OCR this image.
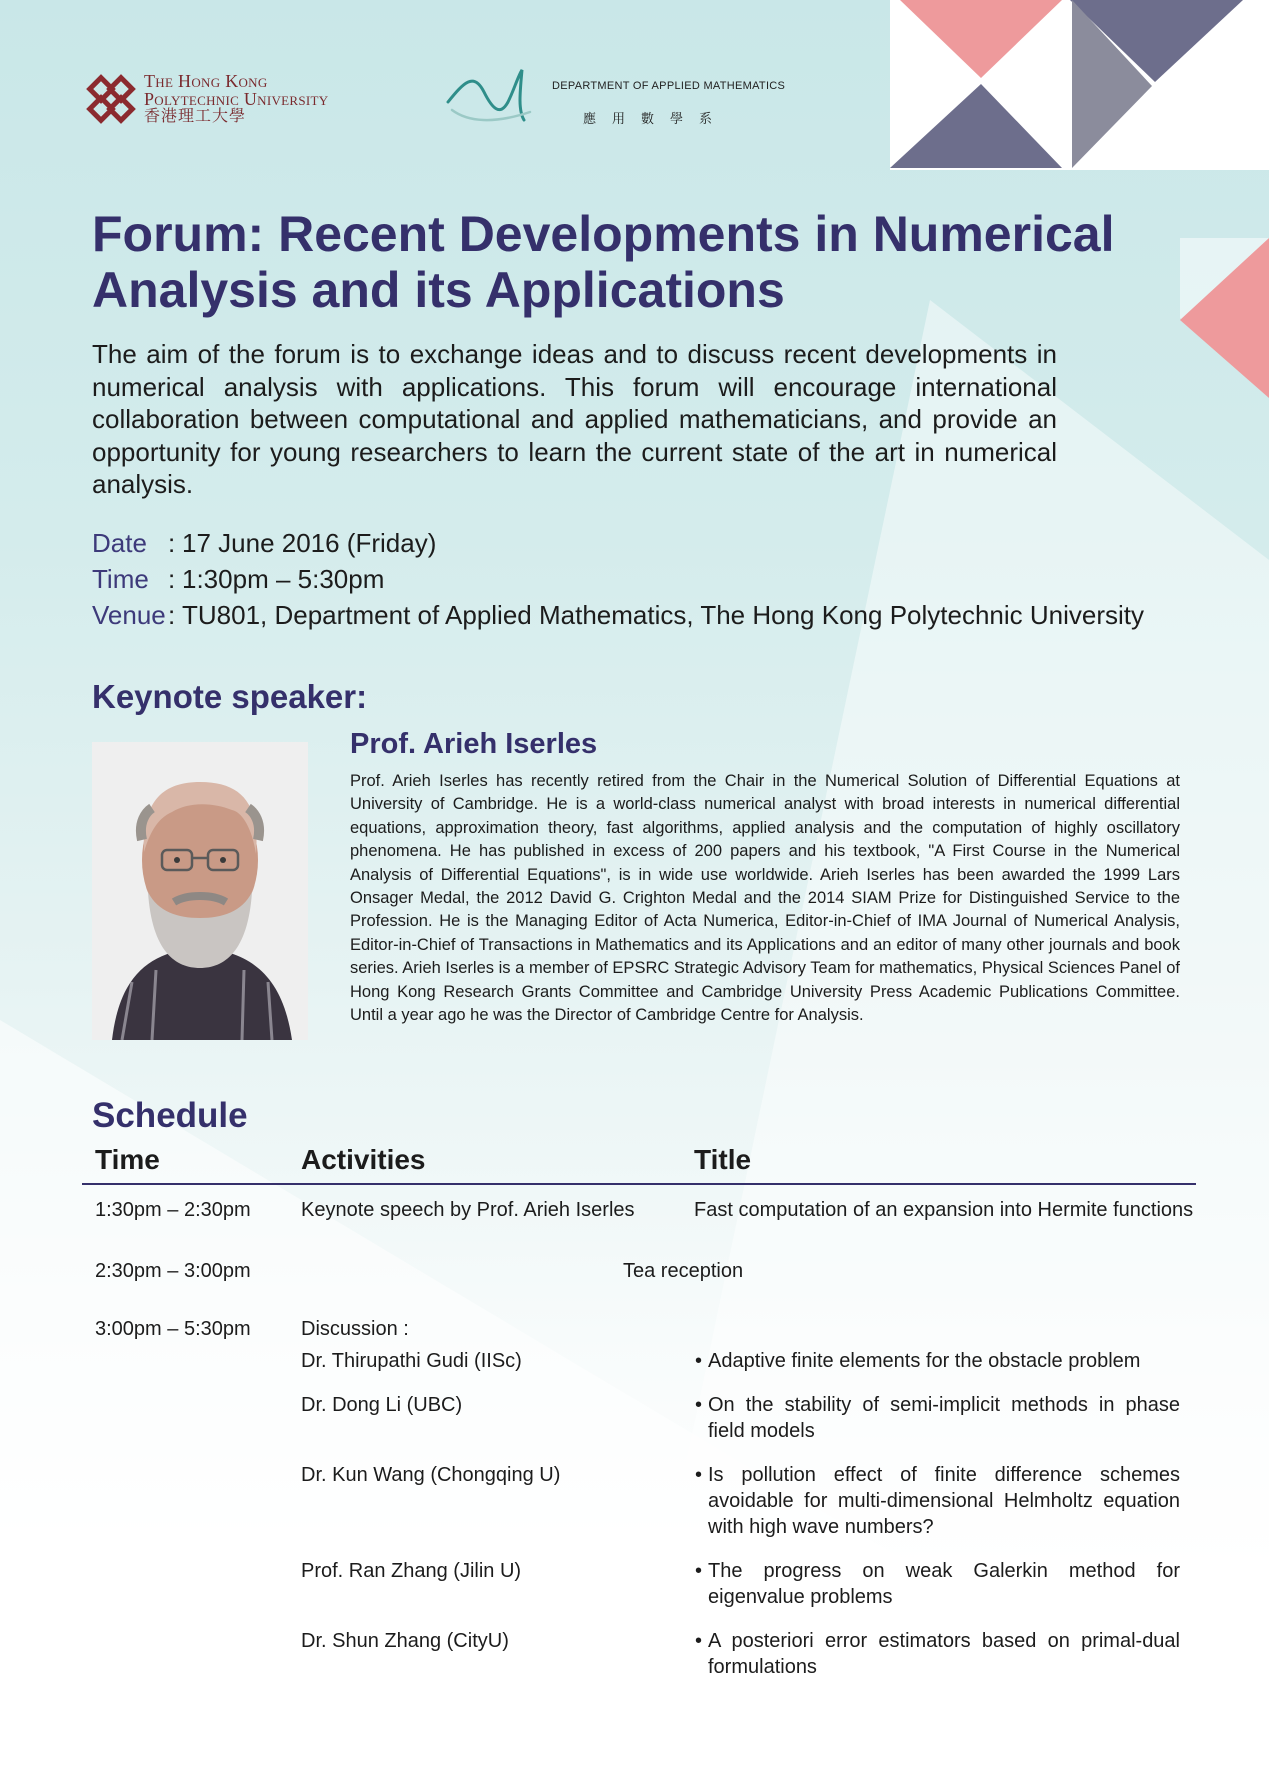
The Hong Kong
Polytechnic University
香港理工大學
DEPARTMENT OF APPLIED MATHEMATICS
應用數學系
Forum: Recent Developments in Numerical Analysis and its Applications
The aim of the forum is to exchange ideas and to discuss recent developments in numerical analysis with applications. This forum will encourage international collaboration between computational and applied mathematicians, and provide an opportunity for young researchers to learn the current state of the art in numerical analysis.
Date : 17 June 2016 (Friday)
Time : 1:30pm – 5:30pm
Venue: TU801, Department of Applied Mathematics, The Hong Kong Polytechnic University
Keynote speaker:
Prof. Arieh Iserles
Prof. Arieh Iserles has recently retired from the Chair in the Numerical Solution of Differential Equations at University of Cambridge. He is a world-class numerical analyst with broad interests in numerical differential equations, approximation theory, fast algorithms, applied analysis and the computation of highly oscillatory phenomena. He has published in excess of 200 papers and his textbook, "A First Course in the Numerical Analysis of Differential Equations", is in wide use worldwide. Arieh Iserles has been awarded the 1999 Lars Onsager Medal, the 2012 David G. Crighton Medal and the 2014 SIAM Prize for Distinguished Service to the Profession. He is the Managing Editor of Acta Numerica, Editor-in-Chief of IMA Journal of Numerical Analysis, Editor-in-Chief of Transactions in Mathematics and its Applications and an editor of many other journals and book series. Arieh Iserles is a member of EPSRC Strategic Advisory Team for mathematics, Physical Sciences Panel of Hong Kong Research Grants Committee and Cambridge University Press Academic Publications Committee. Until a year ago he was the Director of Cambridge Centre for Analysis.
Schedule
Time	Activities	Title
1:30pm – 2:30pm	Keynote speech by Prof. Arieh Iserles	Fast computation of an expansion into Hermite functions
2:30pm – 3:00pm	Tea reception
3:00pm – 5:30pm	Discussion :
Dr. Thirupathi Gudi (IISc)	• Adaptive finite elements for the obstacle problem
Dr. Dong Li (UBC)	• On the stability of semi-implicit methods in phase field models
Dr. Kun Wang (Chongqing U)	• Is pollution effect of finite difference schemes avoidable for multi-dimensional Helmholtz equation with high wave numbers?
Prof. Ran Zhang (Jilin U)	• The progress on weak Galerkin method for eigenvalue problems
Dr. Shun Zhang (CityU)	• A posteriori error estimators based on primal-dual formulations
